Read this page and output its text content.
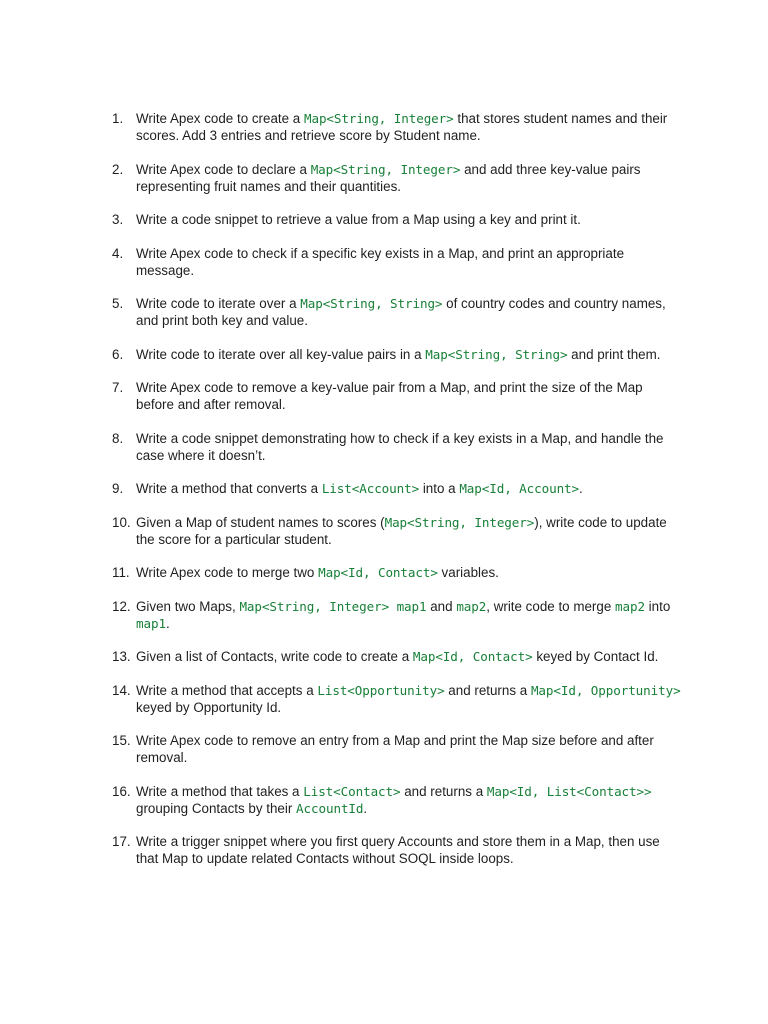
1. Write Apex code to create a Map<String, Integer> that stores student names and their scores. Add 3 entries and retrieve score by Student name.
2. Write Apex code to declare a Map<String, Integer> and add three key-value pairs representing fruit names and their quantities.
3. Write a code snippet to retrieve a value from a Map using a key and print it.
4. Write Apex code to check if a specific key exists in a Map, and print an appropriate message.
5. Write code to iterate over a Map<String, String> of country codes and country names, and print both key and value.
6. Write code to iterate over all key-value pairs in a Map<String, String> and print them.
7. Write Apex code to remove a key-value pair from a Map, and print the size of the Map before and after removal.
8. Write a code snippet demonstrating how to check if a key exists in a Map, and handle the case where it doesn’t.
9. Write a method that converts a List<Account> into a Map<Id, Account>.
10. Given a Map of student names to scores (Map<String, Integer>), write code to update the score for a particular student.
11. Write Apex code to merge two Map<Id, Contact> variables.
12. Given two Maps, Map<String, Integer> map1 and map2, write code to merge map2 into map1.
13. Given a list of Contacts, write code to create a Map<Id, Contact> keyed by Contact Id.
14. Write a method that accepts a List<Opportunity> and returns a Map<Id, Opportunity> keyed by Opportunity Id.
15. Write Apex code to remove an entry from a Map and print the Map size before and after removal.
16. Write a method that takes a List<Contact> and returns a Map<Id, List<Contact>> grouping Contacts by their AccountId.
17. Write a trigger snippet where you first query Accounts and store them in a Map, then use that Map to update related Contacts without SOQL inside loops.
